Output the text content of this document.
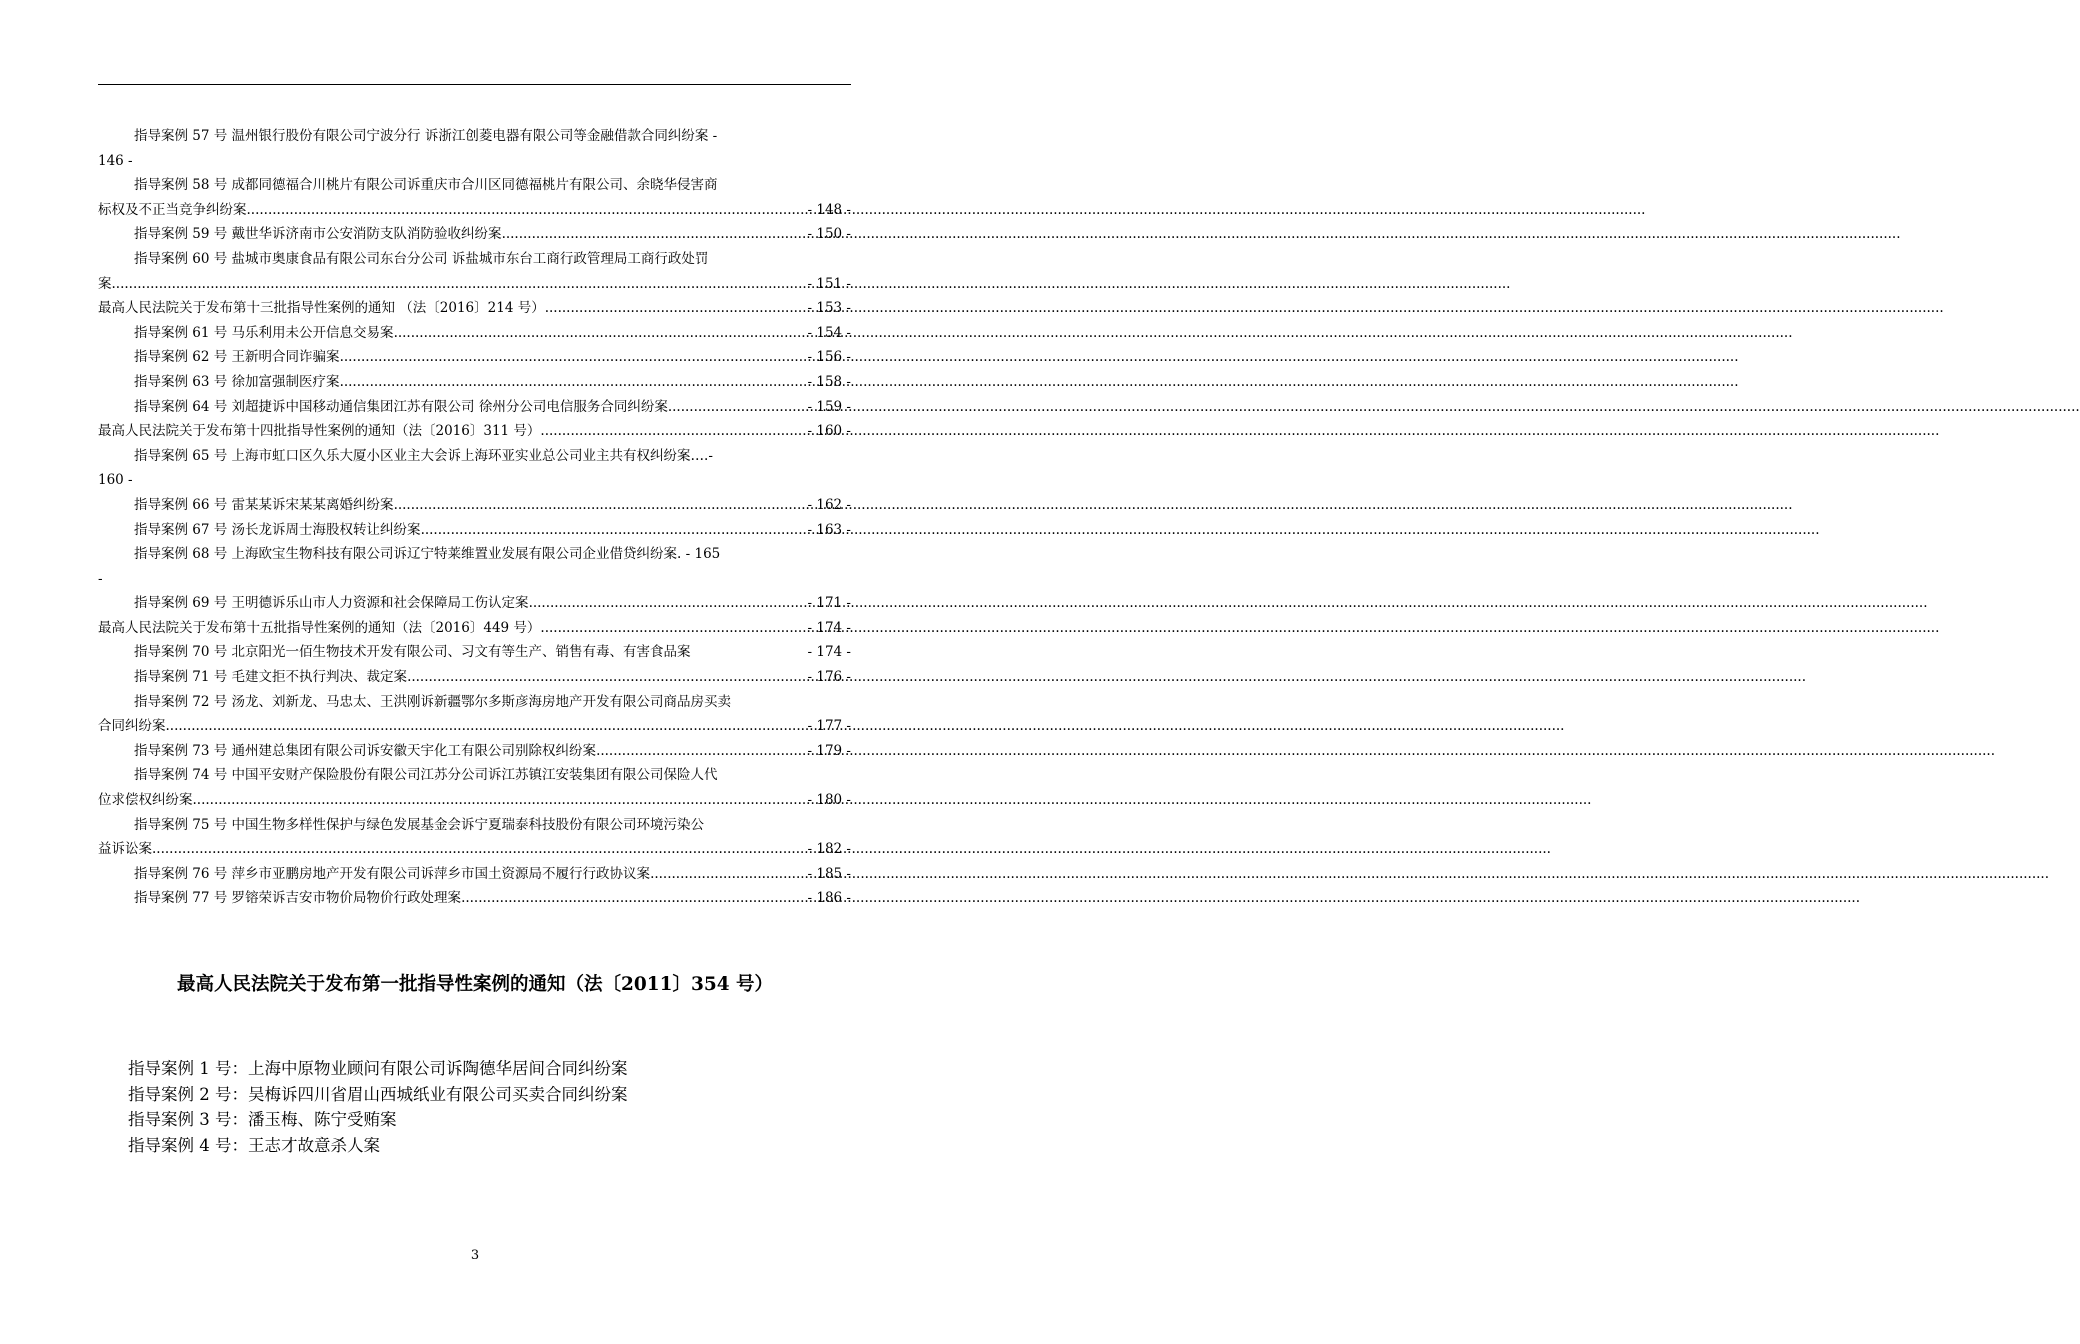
指导案例 57 号 温州银行股份有限公司宁波分行 诉浙江创菱电器有限公司等金融借款合同纠纷案 -
146 -
指导案例 58 号 成都同德福合川桃片有限公司诉重庆市合川区同德福桃片有限公司、余晓华侵害商
标权及不正当竞争纠纷案 .....	- 148 -
指导案例 59 号 戴世华诉济南市公安消防支队消防验收纠纷案 .....	- 150 -
指导案例 60 号 盐城市奥康食品有限公司东台分公司 诉盐城市东台工商行政管理局工商行政处罚
案 .....	- 151 -
最高人民法院关于发布第十三批指导性案例的通知 （法〔2016〕214 号） .....	- 153 -
指导案例 61 号 马乐利用未公开信息交易案 .....	- 154 -
指导案例 62 号 王新明合同诈骗案 .....	- 156 -
指导案例 63 号 徐加富强制医疗案 .....	- 158 -
指导案例 64 号 刘超捷诉中国移动通信集团江苏有限公司 徐州分公司电信服务合同纠纷案... .....	- 159 -
最高人民法院关于发布第十四批指导性案例的通知（法〔2016〕311 号） .....	- 160 -
指导案例 65 号 上海市虹口区久乐大厦小区业主大会诉上海环亚实业总公司业主共有权纠纷案….-
160 -
指导案例 66 号 雷某某诉宋某某离婚纠纷案 .....	- 162 -
指导案例 67 号 汤长龙诉周士海股权转让纠纷案 .....	- 163 -
指导案例 68 号 上海欧宝生物科技有限公司诉辽宁特莱维置业发展有限公司企业借贷纠纷案. - 165
-
指导案例 69 号 王明德诉乐山市人力资源和社会保障局工伤认定案 .....	- 171 -
最高人民法院关于发布第十五批指导性案例的通知（法〔2016〕449 号） .....	- 174 -
指导案例 70 号 北京阳光一佰生物技术开发有限公司、习文有等生产、销售有毒、有害食品案	- 174 -
指导案例 71 号 毛建文拒不执行判决、裁定案 .....	- 176 -
指导案例 72 号 汤龙、刘新龙、马忠太、王洪刚诉新疆鄂尔多斯彦海房地产开发有限公司商品房买卖
合同纠纷案 .....	- 177 -
指导案例 73 号 通州建总集团有限公司诉安徽天宇化工有限公司别除权纠纷案 .....	- 179 -
指导案例 74 号 中国平安财产保险股份有限公司江苏分公司诉江苏镇江安装集团有限公司保险人代
位求偿权纠纷案 .....	- 180 -
指导案例 75 号 中国生物多样性保护与绿色发展基金会诉宁夏瑞泰科技股份有限公司环境污染公
益诉讼案 .....	- 182 -
指导案例 76 号 萍乡市亚鹏房地产开发有限公司诉萍乡市国土资源局不履行行政协议案 .....	- 185 -
指导案例 77 号 罗镕荣诉吉安市物价局物价行政处理案 .....	- 186 -
最高人民法院关于发布第一批指导性案例的通知（法〔2011〕354 号）
指导案例 1 号：上海中原物业顾问有限公司诉陶德华居间合同纠纷案
指导案例 2 号：吴梅诉四川省眉山西城纸业有限公司买卖合同纠纷案
指导案例 3 号：潘玉梅、陈宁受贿案
指导案例 4 号：王志才故意杀人案
3
